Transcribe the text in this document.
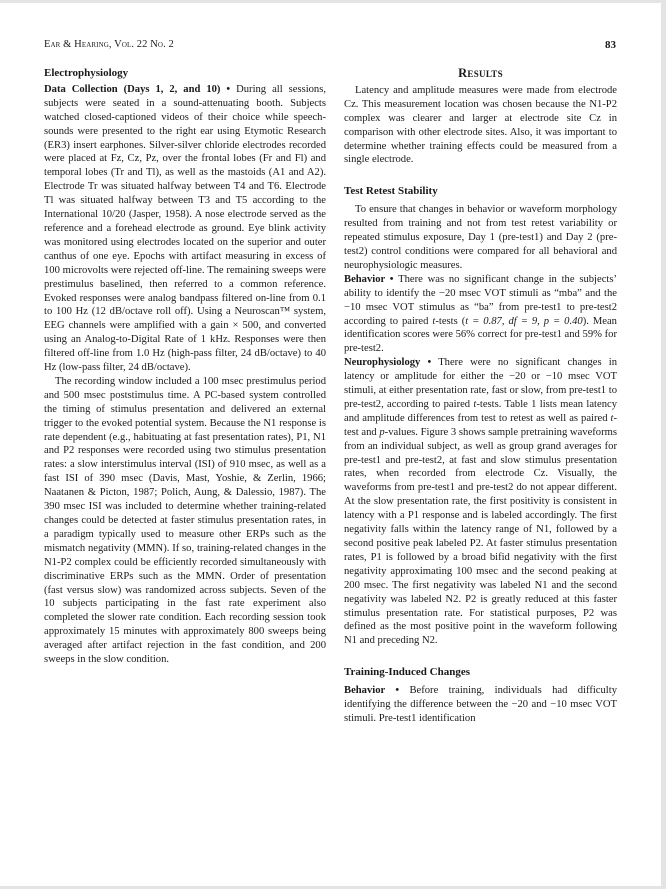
Ear & Hearing, Vol. 22 No. 2	83
Electrophysiology

Data Collection (Days 1, 2, and 10) • During all sessions, subjects were seated in a sound-attenuating booth. Subjects watched closed-captioned videos of their choice while speech-sounds were presented to the right ear using Etymotic Research (ER3) insert earphones. Silver-silver chloride electrodes recorded were placed at Fz, Cz, Pz, over the frontal lobes (Fr and Fl) and temporal lobes (Tr and Tl), as well as the mastoids (A1 and A2). Electrode Tr was situated halfway between T4 and T6. Electrode Tl was situated halfway between T3 and T5 according to the International 10/20 (Jasper, 1958). A nose electrode served as the reference and a forehead electrode as ground. Eye blink activity was monitored using electrodes located on the superior and outer canthus of one eye. Epochs with artifact measuring in excess of 100 microvolts were rejected off-line. The remaining sweeps were prestimulus baselined, then referred to a common reference. Evoked responses were analog bandpass filtered on-line from 0.1 to 100 Hz (12 dB/octave roll off). Using a Neuroscan™ system, EEG channels were amplified with a gain × 500, and converted using an Analog-to-Digital Rate of 1 kHz. Responses were then filtered off-line from 1.0 Hz (high-pass filter, 24 dB/octave) to 40 Hz (low-pass filter, 24 dB/octave).

The recording window included a 100 msec prestimulus period and 500 msec poststimulus time. A PC-based system controlled the timing of stimulus presentation and delivered an external trigger to the evoked potential system. Because the N1 response is rate dependent (e.g., habituating at fast presentation rates), P1, N1 and P2 responses were recorded using two stimulus presentation rates: a slow interstimulus interval (ISI) of 910 msec, as well as a fast ISI of 390 msec (Davis, Mast, Yoshie, & Zerlin, 1966; Naatanen & Picton, 1987; Polich, Aung, & Dalessio, 1987). The 390 msec ISI was included to determine whether training-related changes could be detected at faster stimulus presentation rates, in a paradigm typically used to measure other ERPs such as the mismatch negativity (MMN). If so, training-related changes in the N1-P2 complex could be efficiently recorded simultaneously with discriminative ERPs such as the MMN. Order of presentation (fast versus slow) was randomized across subjects. Seven of the 10 subjects participating in the fast rate experiment also completed the slower rate condition. Each recording session took approximately 15 minutes with approximately 800 sweeps being averaged after artifact rejection in the fast condition, and 200 sweeps in the slow condition.

Results

Latency and amplitude measures were made from electrode Cz. This measurement location was chosen because the N1-P2 complex was clearer and larger at electrode site Cz in comparison with other electrode sites. Also, it was important to determine whether training effects could be measured from a single electrode.

Test Retest Stability

To ensure that changes in behavior or waveform morphology resulted from training and not from test retest variability or repeated stimulus exposure, Day 1 (pre-test1) and Day 2 (pre-test2) control conditions were compared for all behavioral and neurophysiologic measures.

Behavior • There was no significant change in the subjects’ ability to identify the −20 msec VOT stimuli as “mba” and the −10 msec VOT stimulus as “ba” from pre-test1 to pre-test2 according to paired t-tests (t = 0.87, df = 9, p = 0.40). Mean identification scores were 56% correct for pre-test1 and 59% for pre-test2.

Neurophysiology • There were no significant changes in latency or amplitude for either the −20 or −10 msec VOT stimuli, at either presentation rate, fast or slow, from pre-test1 to pre-test2, according to paired t-tests. Table 1 lists mean latency and amplitude differences from test to retest as well as paired t-test and p-values. Figure 3 shows sample pretraining waveforms from an individual subject, as well as group grand averages for pre-test1 and pre-test2, at fast and slow stimulus presentation rates, when recorded from electrode Cz. Visually, the waveforms from pre-test1 and pre-test2 do not appear different. At the slow presentation rate, the first positivity is consistent in latency with a P1 response and is labeled accordingly. The first negativity falls within the latency range of N1, followed by a second positive peak labeled P2. At faster stimulus presentation rates, P1 is followed by a broad bifid negativity with the first negativity approximating 100 msec and the second peaking at 200 msec. The first negativity was labeled N1 and the second negativity was labeled N2. P2 is greatly reduced at this faster stimulus presentation rate. For statistical purposes, P2 was defined as the most positive point in the waveform following N1 and preceding N2.

Training-Induced Changes

Behavior • Before training, individuals had difficulty identifying the difference between the −20 and −10 msec VOT stimuli. Pre-test1 identification
